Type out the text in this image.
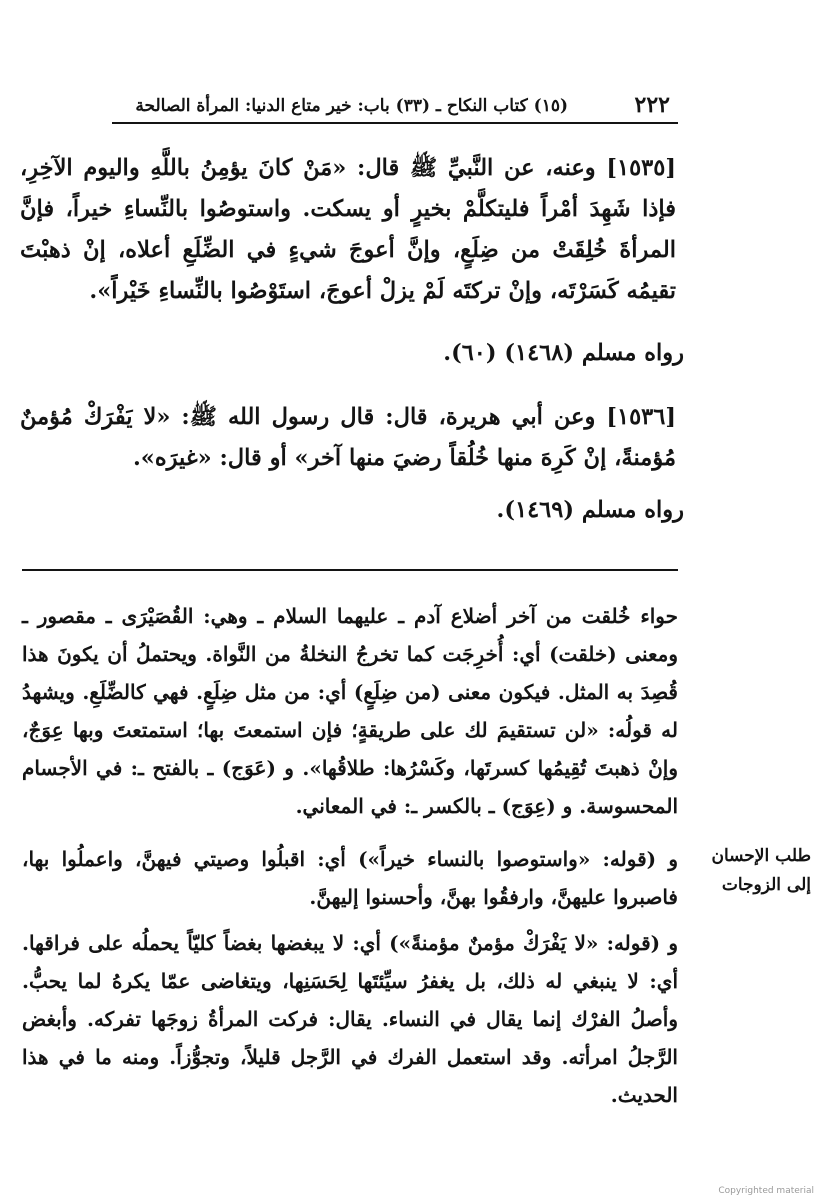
٢٢٢
(١٥) كتاب النكاح ـ (٣٣) باب: خير متاع الدنيا: المرأة الصالحة
[١٥٣٥] وعنه، عن النَّبيِّ ﷺ قال: «مَنْ كانَ يؤمِنُ باللَّهِ واليوم الآخِرِ، فإذا شَهِدَ أمْراً فليتكلَّمْ بخيرٍ أو يسكت. واستوصُوا بالنِّساءِ خيراً، فإنَّ المرأةَ خُلِقَتْ من ضِلَعٍ، وإنَّ أعوجَ شيءٍ في الضِّلَعِ أعلاه، إنْ ذهبْتَ تقيمُه كَسَرْتَه، وإنْ تركتَه لَمْ يزلْ أعوجَ، استَوْصُوا بالنِّساءِ خَيْراً».
رواه مسلم (١٤٦٨) (٦٠).
[١٥٣٦] وعن أبي هريرة، قال: قال رسول الله ﷺ: «لا يَفْرَكْ مُؤمنٌ مُؤمنةً، إنْ كَرِهَ منها خُلُقاً رضيَ منها آخر» أو قال: «غيرَه».
رواه مسلم (١٤٦٩).
حواء خُلقت من آخر أضلاع آدم ـ عليهما السلام ـ وهي: القُصَيْرَى ـ مقصور ـ ومعنى (خلقت) أي: أُخرِجَت كما تخرجُ النخلةُ من النَّواة. ويحتملُ أن يكونَ هذا قُصِدَ به المثل. فيكون معنى (من ضِلَعٍ) أي: من مثل ضِلَعٍ. فهي كالضِّلَعِ. ويشهدُ له قولُه: «لن تستقيمَ لك على طريقةٍ؛ فإن استمعتَ بها؛ استمتعتَ وبها عِوَجٌ، وإنْ ذهبتَ تُقِيمُها كسرتَها، وكَسْرُها: طلاقُها». و (عَوَج) ـ بالفتح ـ: في الأجسام المحسوسة. و (عِوَج) ـ بالكسر ـ: في المعاني.
و (قوله: «واستوصوا بالنساء خيراً») أي: اقبلُوا وصيتي فيهنَّ، واعملُوا بها، فاصبروا عليهنَّ، وارفقُوا بهنَّ، وأحسنوا إليهنَّ.
و (قوله: «لا يَفْرَكْ مؤمنٌ مؤمنةً») أي: لا يبغضها بغضاً كليّاً يحملُه على فراقها. أي: لا ينبغي له ذلك، بل يغفرُ سيِّئتَها لِحَسَنِها، ويتغاضى عمّا يكرهُ لما يحبُّ. وأصلُ الفرْك إنما يقال في النساء. يقال: فركت المرأةُ زوجَها تفركه. وأبغض الرَّجلُ امرأته. وقد استعمل الفرك في الرَّجل قليلاً، وتجوُّزاً. ومنه ما في هذا الحديث.
طلب الإحسان
إلى الزوجات
Copyrighted material
